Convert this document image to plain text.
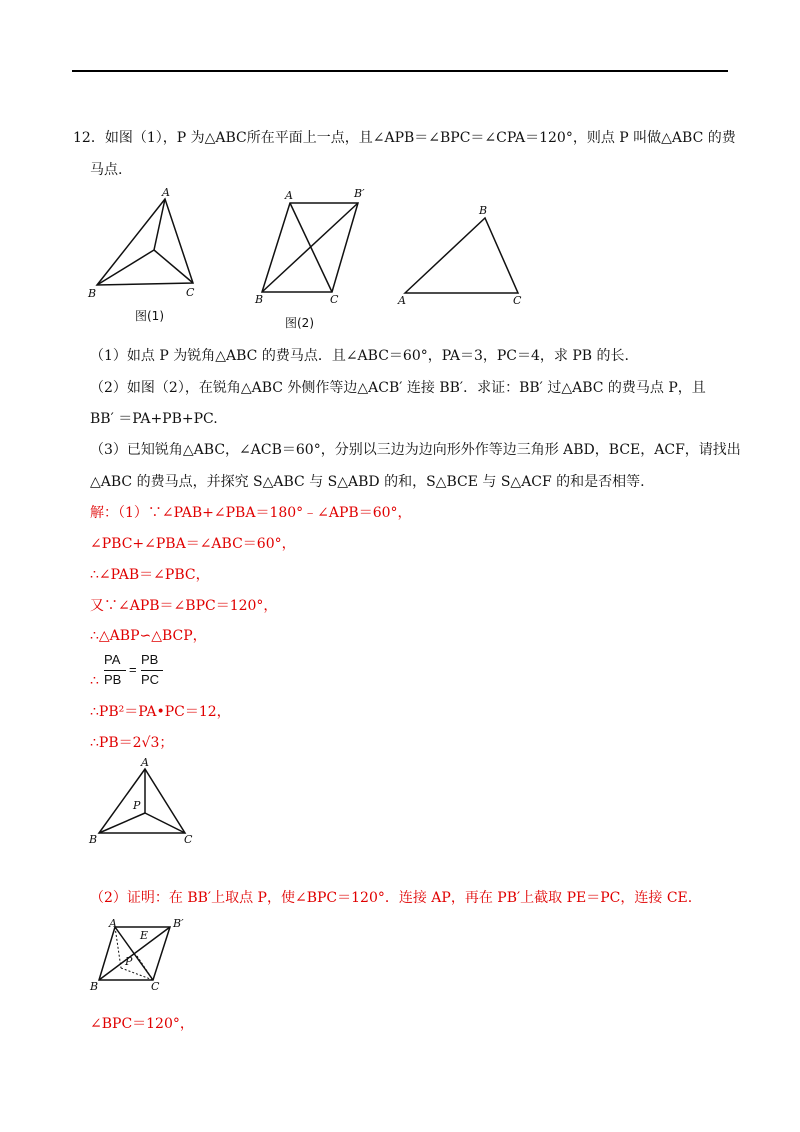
12．如图（1），P 为△ABC所在平面上一点，且∠APB＝∠BPC＝∠CPA＝120°，则点 P 叫做△ABC 的费
马点.
A
B	C
图(1)
A	B′
B	C
图(2)
B
A	C
（1）如点 P 为锐角△ABC 的费马点．且∠ABC＝60°，PA＝3，PC＝4，求 PB 的长.
（2）如图（2），在锐角△ABC 外侧作等边△ACB′ 连接 BB′．求证：BB′ 过△ABC 的费马点 P，且
BB′ ＝PA+PB+PC.
（3）已知锐角△ABC，∠ACB＝60°，分别以三边为边向形外作等边三角形 ABD，BCE，ACF，请找出
△ABC 的费马点，并探究 S△ABC 与 S△ABD 的和，S△BCE 与 S△ACF 的和是否相等.
解：（1）∵∠PAB+∠PBA＝180°﹣∠APB＝60°，
∠PBC+∠PBA＝∠ABC＝60°，
∴∠PAB＝∠PBC，
又∵∠APB＝∠BPC＝120°，
∴△ABP∽△BCP，
∴
PA
PB
=
PB
PC
∴PB²＝PA•PC＝12，
∴PB＝2√3；
A
P
B	C
（2）证明：在 BB′上取点 P，使∠BPC＝120°．连接 AP，再在 PB′上截取 PE＝PC，连接 CE.
A	B′
E
P
B	C
∠BPC＝120°，
